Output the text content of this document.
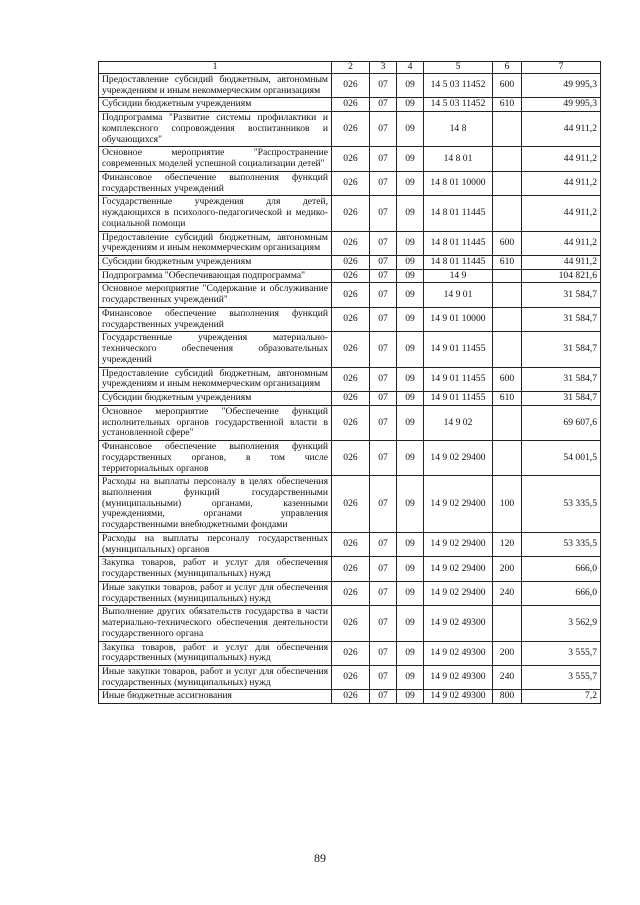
1	2	3	4	5	6	7
Предоставление субсидий бюджетным, автономным учреждениям и иным некоммерческим организациям	026	07	09	14 5 03 11452	600	49 995,3
Субсидии бюджетным учреждениям	026	07	09	14 5 03 11452	610	49 995,3
Подпрограмма "Развитие системы профилактики и комплексного сопровождения воспитанников и обучающихся"	026	07	09	14 8		44 911,2
Основное мероприятие "Распространение современных моделей успешной социализации детей"	026	07	09	14 8 01		44 911,2
Финансовое обеспечение выполнения функций государственных учреждений	026	07	09	14 8 01 10000		44 911,2
Государственные учреждения для детей, нуждающихся в психолого-педагогической и медико-социальной помощи	026	07	09	14 8 01 11445		44 911,2
Предоставление субсидий бюджетным, автономным учреждениям и иным некоммерческим организациям	026	07	09	14 8 01 11445	600	44 911,2
Субсидии бюджетным учреждениям	026	07	09	14 8 01 11445	610	44 911,2
Подпрограмма "Обеспечивающая подпрограмма"	026	07	09	14 9		104 821,6
Основное мероприятие "Содержание и обслуживание государственных учреждений"	026	07	09	14 9 01		31 584,7
Финансовое обеспечение выполнения функций государственных учреждений	026	07	09	14 9 01 10000		31 584,7
Государственные учреждения материально-технического обеспечения образовательных учреждений	026	07	09	14 9 01 11455		31 584,7
Предоставление субсидий бюджетным, автономным учреждениям и иным некоммерческим организациям	026	07	09	14 9 01 11455	600	31 584,7
Субсидии бюджетным учреждениям	026	07	09	14 9 01 11455	610	31 584,7
Основное мероприятие "Обеспечение функций исполнительных органов государственной власти в установленной сфере"	026	07	09	14 9 02		69 607,6
Финансовое обеспечение выполнения функций государственных органов, в том числе территориальных органов	026	07	09	14 9 02 29400		54 001,5
Расходы на выплаты персоналу в целях обеспечения выполнения функций государственными (муниципальными) органами, казенными учреждениями, органами управления государственными внебюджетными фондами	026	07	09	14 9 02 29400	100	53 335,5
Расходы на выплаты персоналу государственных (муниципальных) органов	026	07	09	14 9 02 29400	120	53 335,5
Закупка товаров, работ и услуг для обеспечения государственных (муниципальных) нужд	026	07	09	14 9 02 29400	200	666,0
Иные закупки товаров, работ и услуг для обеспечения государственных (муниципальных) нужд	026	07	09	14 9 02 29400	240	666,0
Выполнение других обязательств государства в части материально-технического обеспечения деятельности государственного органа	026	07	09	14 9 02 49300		3 562,9
Закупка товаров, работ и услуг для обеспечения государственных (муниципальных) нужд	026	07	09	14 9 02 49300	200	3 555,7
Иные закупки товаров, работ и услуг для обеспечения государственных (муниципальных) нужд	026	07	09	14 9 02 49300	240	3 555,7
Иные бюджетные ассигнования	026	07	09	14 9 02 49300	800	7,2
89
